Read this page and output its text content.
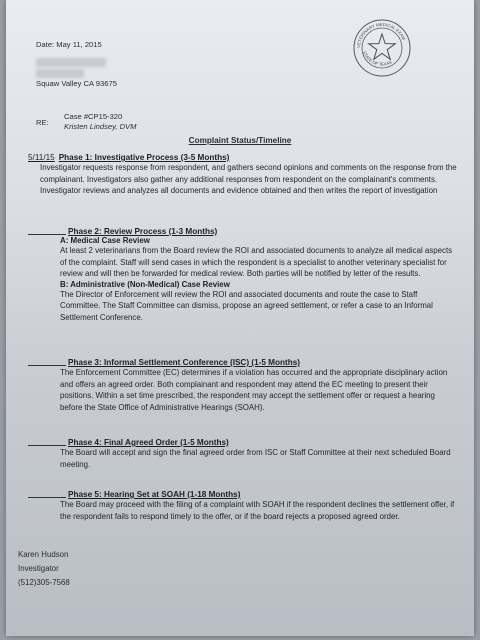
Date: May 11, 2015

Squaw Valley CA 93675

VETERINARY MEDICAL EXAM
STATE OF TEXAS

RE:

Case #CP15-320

Kristen Lindsey, DVM

Complaint Status/Timeline

5/11/15 Phase 1: Investigative Process (3-5 Months)

Investigator requests response from respondent, and gathers second opinions and comments on the response from the complainant. Investigators also gather any additional responses from respondent on the complainant's comments. Investigator reviews and analyzes all documents and evidence obtained and then writes the report of investigation

Phase 2: Review Process (1-3 Months)
A: Medical Case Review

At least 2 veterinarians from the Board review the ROI and associated documents to analyze all medical aspects of the complaint. Staff will send cases in which the respondent is a specialist to another veterinary specialist for review and will then be forwarded for medical review. Both parties will be notified by letter of the results.

B: Administrative (Non-Medical) Case Review

The Director of Enforcement will review the ROI and associated documents and route the case to Staff Committee. The Staff Committee can dismiss, propose an agreed settlement, or refer a case to an Informal Settlement Conference.

Phase 3: Informal Settlement Conference (ISC) (1-5 Months)

The Enforcement Committee (EC) determines if a violation has occurred and the appropriate disciplinary action and offers an agreed order. Both complainant and respondent may attend the EC meeting to present their positions. Within a set time prescribed, the respondent may accept the settlement offer or request a hearing before the State Office of Administrative Hearings (SOAH).

Phase 4: Final Agreed Order (1-5 Months)

The Board will accept and sign the final agreed order from ISC or Staff Committee at their next scheduled Board meeting.

Phase 5: Hearing Set at SOAH (1-18 Months)

The Board may proceed with the filing of a complaint with SOAH if the respondent declines the settlement offer, if the respondent fails to respond timely to the offer, or if the board rejects a proposed agreed order.

Karen Hudson
Investigator
(512)305-7568
